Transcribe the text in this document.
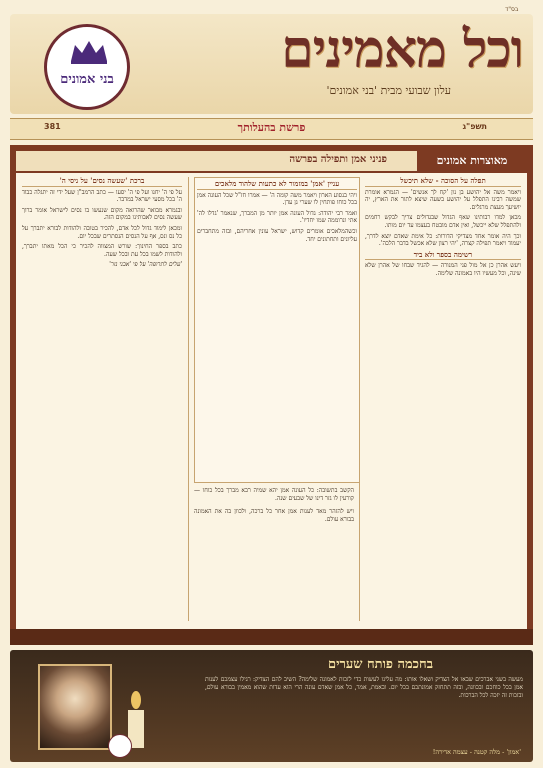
בס"ד
בני אמונים	וכל מאמינים
עלון שבועי מבית 'בני אמונים'
381	פרשת בהעלותך	תשפ"ג
מאוצרות אמונים
פניני אמן ותפילה בפרשה
תפלה על הסוכה - שלא תיכשל

ויאמר משה אל יהושע בן נון 'קח לך אנשים' — הגמרא אומרת שמשה רבינו התפלל על יהושע בשעה שיצא לתור את הארץ, יה יושיעך מעצת מרגלים.

מכאן למדו רבותינו שאף הגדול שבגדולים צריך לבקש רחמים ולהתפלל שלא ייכשל, ואין אדם מובטח בעצמו עד יום מותו.

וכך היה אומר אחד מצדיקי הדורות: כל אימת שאדם יוצא לדרך, יעמוד ויאמר תפילה קצרה, 'יהי רצון שלא אכשל בדבר הלכה'.

רשימה בספר ולא ביד

ויעש אהרן כן אל מול פני המנורה — להגיד שבחו של אהרן שלא שינה, וכל מעשיו היו באמונה שלימה.

עניין 'אמן' במזמור לא כתעות שלהוד מלאכים

ויהי בנסוע הארון ויאמר משה קומה ה' — אמרו חז"ל שכל העונה אמן בכל כוחו פותחין לו שערי גן עדן.

ואמר רבי יהודה: גדול העונה אמן יותר מן המברך, שנאמר 'גדלו לה' אתי ונרוממה שמו יחדיו'.

וכשהמלאכים אומרים קדוש, ישראל עונין אחריהם, ובזה מתחברים עליונים ותחתונים יחד.

הקשב בתשובה: כל העונה אמן יהא שמיה רבא מברך בכל כוחו — קורעין לו גזר דינו של שבעים שנה.

ויש להזהר מאד לענות אמן אחר כל ברכה, ולכוון בה את האמונה בבורא עולם.

ברכת 'שעשה נסים' על ניסי ה'

על פי ה' יחנו ועל פי ה' יסעו — כתב הרמב"ן שעל ידי זה יתגלה כבוד ה' בכל מסעי ישראל במדבר.

ובגמרא מבואר שהרואה מקום שנעשו בו נסים לישראל אומר ברוך שעשה נסים לאבותינו במקום הזה.

ומכאן לימוד גדול לכל אדם, להכיר בטובה ולהודות לבורא יתברך על כל נס ונס, אף על הנסים הנסתרים שבכל יום.

כתב בספר החינוך: שורש המצווה להכיר כי הכל מאתו יתברך, ולהודות לשמו בכל עת ובכל שעה.

'עלים לתרופה' על פי 'אבני נזר'

בחכמה פותח שערים
מעשה בשני אברכים שבאו אל הצדיק ושאלו אותו: מה עלינו לעשות כדי לזכות לאמונה שלימה? השיב להם הצדיק: רגילו עצמכם לענות אמן בכל כוחכם ובכוונה, ובזה תתחזק אמונתכם בכל יום. ובאמת, אמר, כל אמן שאדם עונה הרי הוא עדות שהוא מאמין בבורא עולם, ובזכות זה יזכה לכל הברכות.
'אמון' - מלה קטנה - עצמה אדירה!
